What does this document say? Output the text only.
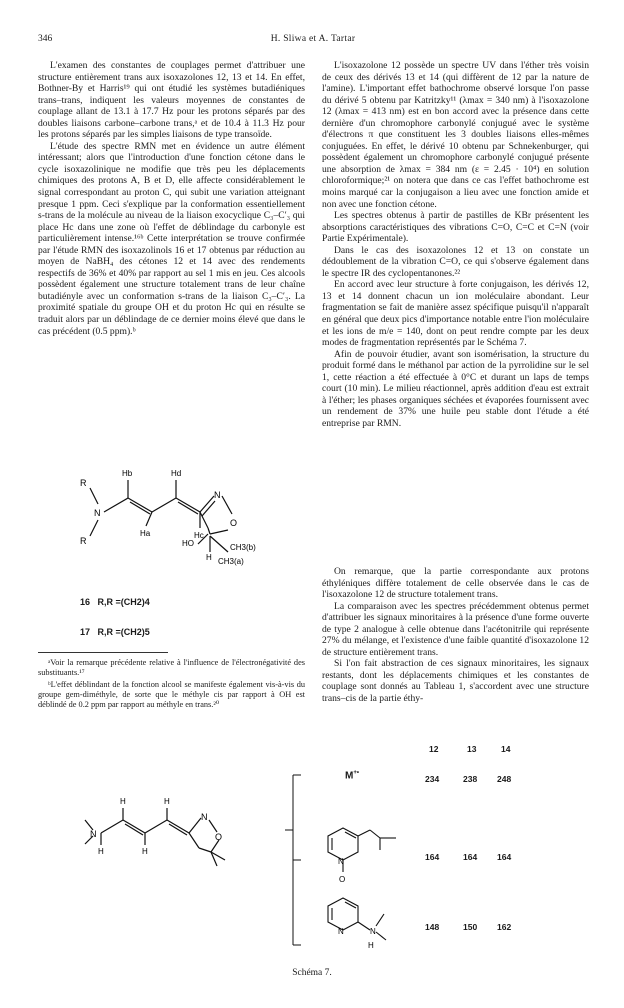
346	H. Sliwa et A. Tartar

L'examen des constantes de couplages permet d'attribuer une structure entièrement trans aux isoxazolones 12, 13 et 14. En effet, Bothner-By et Harris¹⁹ qui ont étudié les systèmes butadiéniques trans–trans, indiquent les valeurs moyennes de constantes de couplage allant de 13.1 à 17.7 Hz pour les protons séparés par des doubles liaisons carbone–carbone trans,ᵃ et de 10.4 à 11.3 Hz pour les protons séparés par les simples liaisons de type transoïde.

L'étude des spectre RMN met en évidence un autre élément intéressant; alors que l'introduction d'une fonction cétone dans le cycle isoxazolinique ne modifie que très peu les déplacements chimiques des protons A, B et D, elle affecte considérablement le signal correspondant au proton C, qui subit une variation atteignant presque 1 ppm. Ceci s'explique par la conformation essentiellement s-trans de la molécule au niveau de la liaison exocyclique C₃–C′₃ qui place Hc dans une zone où l'effet de déblindage du carbonyle est particulièrement intense.¹⁶ᵇ Cette interprétation se trouve confirmée par l'étude RMN des isoxazolinols 16 et 17 obtenus par réduction au moyen de NaBH₄ des cétones 12 et 14 avec des rendements respectifs de 36% et 40% par rapport au sel 1 mis en jeu. Ces alcools possèdent également une structure totalement trans de leur chaîne butadiényle avec un conformation s-trans de la liaison C₃–C′₃. La proximité spatiale du groupe OH et du proton Hc qui en résulte se traduit alors par un déblindage de ce dernier moins élevé que dans le cas précédent (0.5 ppm).ᵇ

L'isoxazolone 12 possède un spectre UV dans l'éther très voisin de ceux des dérivés 13 et 14 (qui diffèrent de 12 par la nature de l'amine). L'important effet bathochrome observé lorsque l'on passe du dérivé 5 obtenu par Katritzky¹¹ (λmax = 340 nm) à l'isoxazolone 12 (λmax = 413 nm) est en bon accord avec la présence dans cette dernière d'un chromophore carbonylé conjugué avec le système d'électrons π que constituent les 3 doubles liaisons elles-mêmes conjuguées. En effet, le dérivé 10 obtenu par Schnekenburger, qui possèdent également un chromophore carbonylé conjugué présente une absorption de λmax = 384 nm (ε = 2.45 · 10⁴) en solution chloroformique;²¹ on notera que dans ce cas l'effet bathochrome est moins marqué car la conjugaison a lieu avec une fonction amide et non avec une fonction cétone.

Les spectres obtenus à partir de pastilles de KBr présentent les absorptions caractéristiques des vibrations C=O, C=C et C=N (voir Partie Expérimentale).

Dans le cas des isoxazolones 12 et 13 on constate un dédoublement de la vibration C=O, ce qui s'observe également dans le spectre IR des cyclopentanones.²²

En accord avec leur structure à forte conjugaison, les dérivés 12, 13 et 14 donnent chacun un ion moléculaire abondant. Leur fragmentation se fait de manière assez spécifique puisqu'il n'apparaît en général que deux pics d'importance notable entre l'ion moléculaire et les ions de m/e = 140, dont on peut rendre compte par les deux modes de fragmentation représentés par le Schéma 7.

Afin de pouvoir étudier, avant son isomérisation, la structure du produit formé dans le méthanol par action de la pyrrolidine sur le sel 1, cette réaction a été effectuée à 0°C et durant un laps de temps court (10 min). Le milieu réactionnel, après addition d'eau est extrait à l'éther; les phases organiques séchées et évaporées fournissent avec un rendement de 37% une huile peu stable dont l'étude a été entreprise par RMN.

On remarque, que la partie correspondante aux protons éthyléniques diffère totalement de celle observée dans le cas de l'isoxazolone 12 de structure totalement trans.

La comparaison avec les spectres précédemment obtenus permet d'attribuer les signaux minoritaires à la présence d'une forme ouverte de type 2 analogue à celle obtenue dans l'acétonitrile qui représente 27% du mélange, et l'existence d'une faible quantité d'isoxazolone 12 de structure entièrement trans.

Si l'on fait abstraction de ces signaux minoritaires, les signaux restants, dont les déplacements chimiques et les constantes de couplage sont donnés au Tableau 1, s'accordent avec une structure trans–cis de la partie éthy-

R
R
N
N
O
Hb	Hd
Ha	Hc
HO
H CH3(a)
CH3(b)
16 R,R =(CH2)4
17 R,R =(CH2)5

ᵃVoir la remarque précédente relative à l'influence de l'électronégativité des substituants.¹⁷

ᵇL'effet déblindant de la fonction alcool se manifeste également vis-à-vis du groupe gem-diméthyle, de sorte que le méthyle cis par rapport à OH est déblindé de 0.2 ppm par rapport au méthyle en trans.²⁰

N
N
O
H	H
H	H
M+•
N
O
N	N
H
12	13	14
234	238 248
164	164 164
148	150 162
Schéma 7.
